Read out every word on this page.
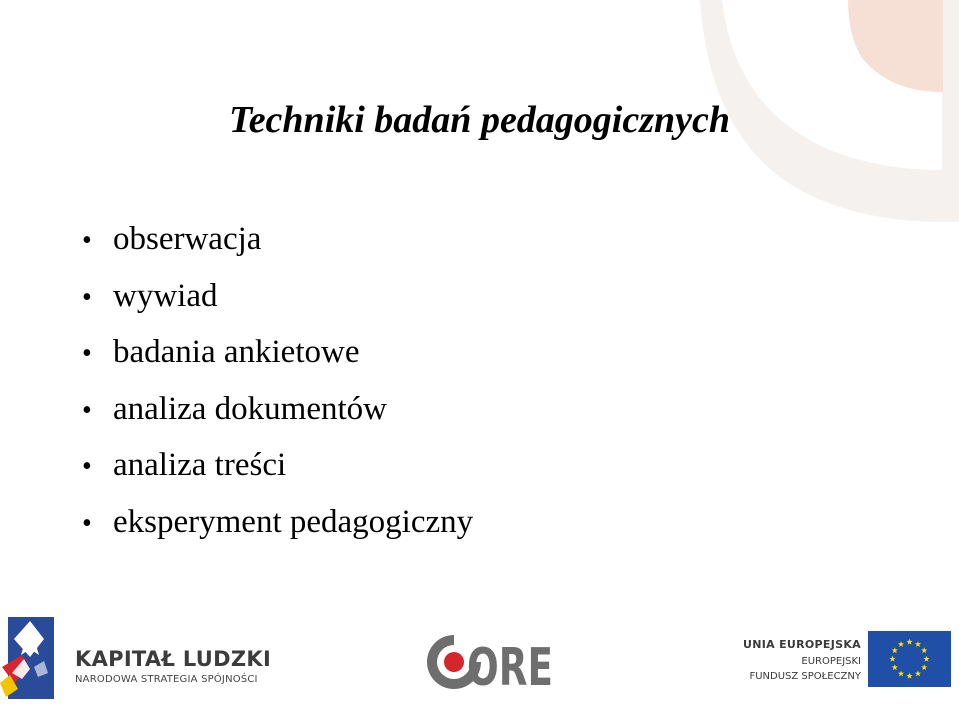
Techniki badań pedagogicznych
• obserwacja
• wywiad
• badania ankietowe
• analiza dokumentów
• analiza treści
• eksperyment pedagogiczny
KAPITAŁ LUDZKI
NARODOWA STRATEGIA SPÓJNOŚCI	ORE	UNIA EUROPEJSKA
EUROPEJSKI
FUNDUSZ SPOŁECZNY
